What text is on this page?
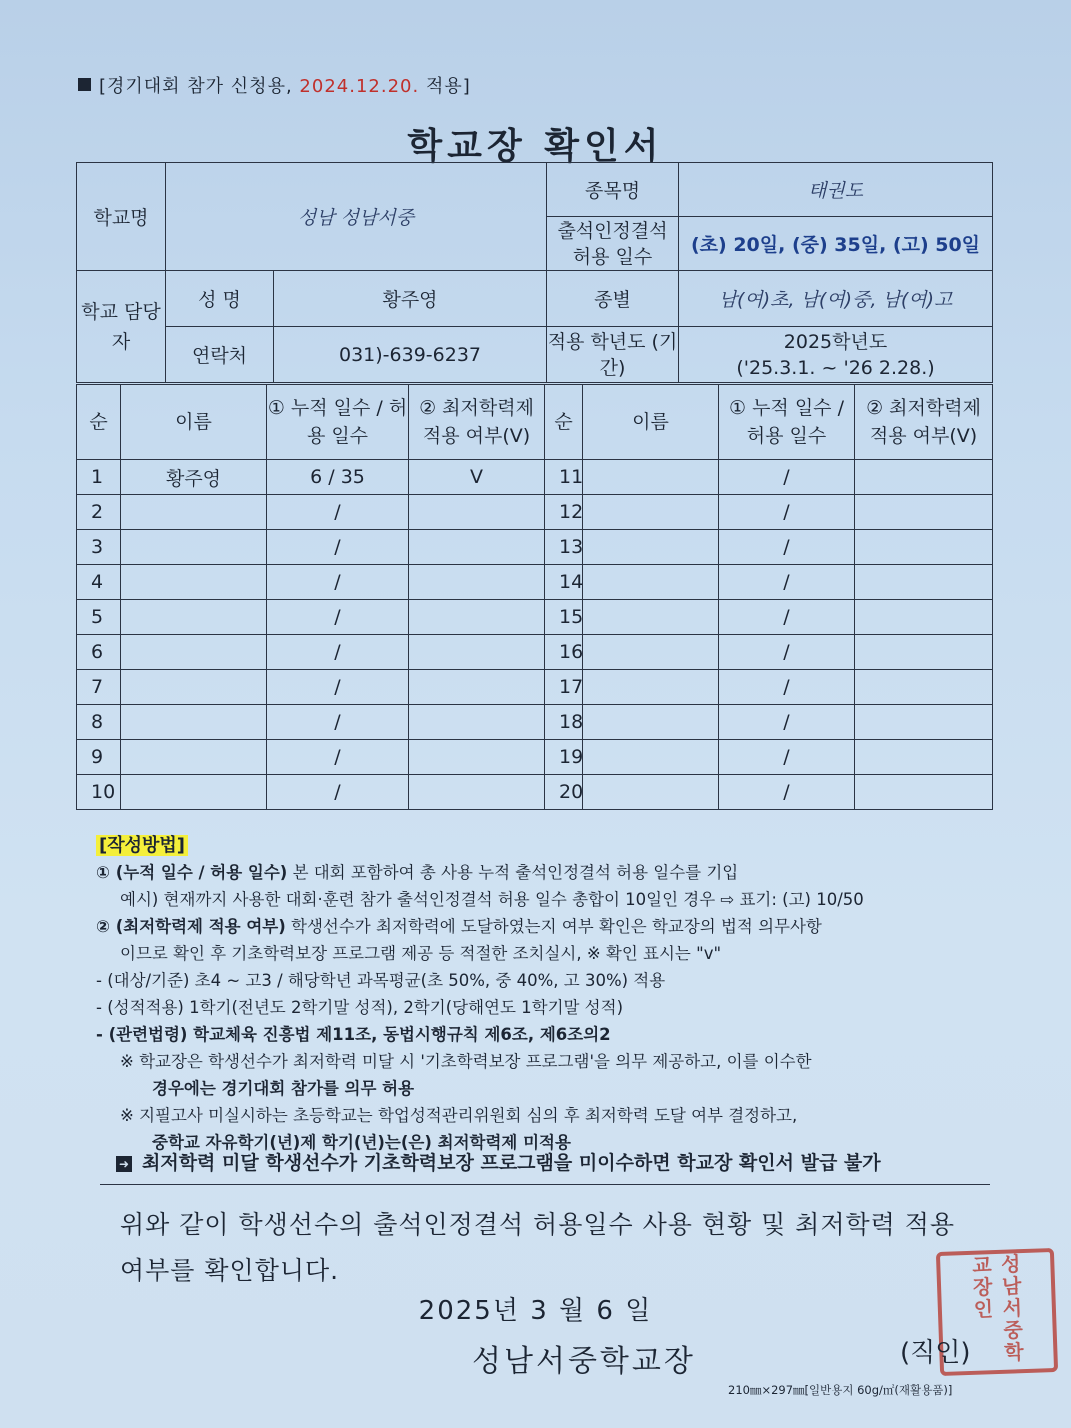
[경기대회 참가 신청용, 2024.12.20. 적용]
학교장 확인서
학교명	성남 성남서중		종목명	태권도
			출석인정결석 허용 일수	(초) 20일, (중) 35일, (고) 50일
학교 담당자	성 명	황주영	종별	남(여)초, 남(여)중, 남(여)고
	연락처	031)-639-6237	적용 학년도 (기간)	2025학년도
('25.3.1. ~ '26 2.28.)
순	이름	① 누적 일수 / 허용 일수	② 최저학력제 적용 여부(V)	순	이름	① 누적 일수 / 허용 일수	② 최저학력제 적용 여부(V)
1	황주영	6 / 35	V	11		/	
2		/		12		/	
3		/		13		/	
4		/		14		/	
5		/		15		/	
6		/		16		/	
7		/		17		/	
8		/		18		/	
9		/		19		/	
10		/		20		/	

[작성방법]

① (누적 일수 / 허용 일수) 본 대회 포함하여 총 사용 누적 출석인정결석 허용 일수를 기입

예시) 현재까지 사용한 대회·훈련 참가 출석인정결석 허용 일수 총합이 10일인 경우 ⇨ 표기: (고) 10/50

② (최저학력제 적용 여부) 학생선수가 최저학력에 도달하였는지 여부 확인은 학교장의 법적 의무사항

이므로 확인 후 기초학력보장 프로그램 제공 등 적절한 조치실시, ※ 확인 표시는 "v"

- (대상/기준) 초4 ~ 고3 / 해당학년 과목평균(초 50%, 중 40%, 고 30%) 적용

- (성적적용) 1학기(전년도 2학기말 성적), 2학기(당해연도 1학기말 성적)

- (관련법령) 학교체육 진흥법 제11조, 동법시행규칙 제6조, 제6조의2

※ 학교장은 학생선수가 최저학력 미달 시 '기초학력보장 프로그램'을 의무 제공하고, 이를 이수한

경우에는 경기대회 참가를 의무 허용

※ 지필고사 미실시하는 초등학교는 학업성적관리위원회 심의 후 최저학력 도달 여부 결정하고,

중학교 자유학기(년)제 학기(년)는(은) 최저학력제 미적용

➜ 최저학력 미달 학생선수가 기초학력보장 프로그램을 미이수하면 학교장 확인서 발급 불가
위와 같이 학생선수의 출석인정결석 허용일수 사용 현황 및 최저학력 적용 여부를 확인합니다.
2025년 3 월 6 일
성남서중학교장	성남서중학교장인
(직인)
210㎜×297㎜[일반용지 60g/㎡(재활용품)]
